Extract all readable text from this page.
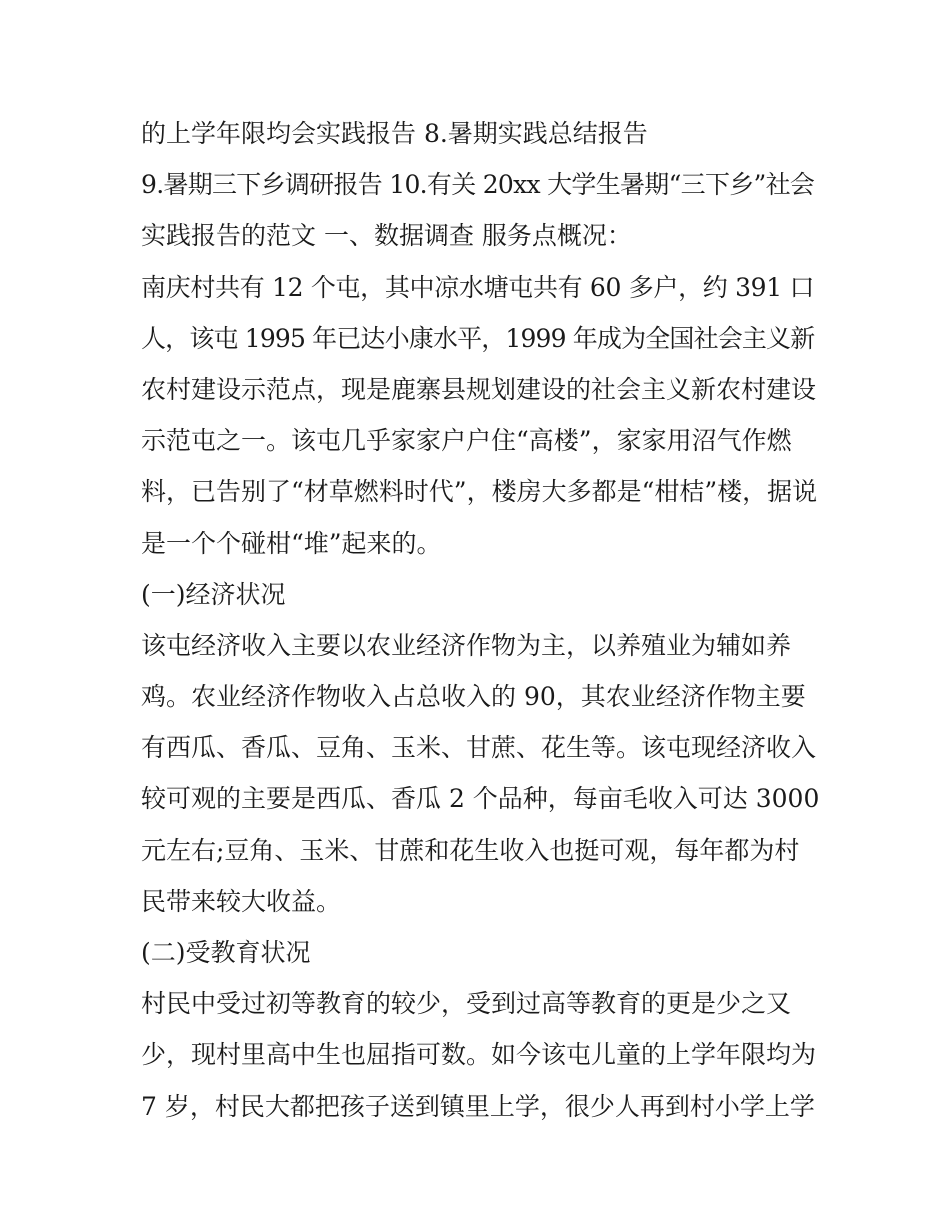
的上学年限均会实践报告 8.暑期实践总结报告
9.暑期三下乡调研报告 10.有关 20xx 大学生暑期“三下乡”社会
实践报告的范文 一、数据调查 服务点概况：
南庆村共有 12 个屯，其中凉水塘屯共有 60 多户，约 391 口
人，该屯 1995 年已达小康水平，1999 年成为全国社会主义新
农村建设示范点，现是鹿寨县规划建设的社会主义新农村建设
示范屯之一。该屯几乎家家户户住“高楼”，家家用沼气作燃
料，已告别了“材草燃料时代”，楼房大多都是“柑桔”楼，据说
是一个个碰柑“堆”起来的。
(一)经济状况
该屯经济收入主要以农业经济作物为主，以养殖业为辅如养
鸡。农业经济作物收入占总收入的 90，其农业经济作物主要
有西瓜、香瓜、豆角、玉米、甘蔗、花生等。该屯现经济收入
较可观的主要是西瓜、香瓜 2 个品种，每亩毛收入可达 3000
元左右;豆角、玉米、甘蔗和花生收入也挺可观，每年都为村
民带来较大收益。
(二)受教育状况
村民中受过初等教育的较少，受到过高等教育的更是少之又
少，现村里高中生也屈指可数。如今该屯儿童的上学年限均为
7 岁，村民大都把孩子送到镇里上学，很少人再到村小学上学
